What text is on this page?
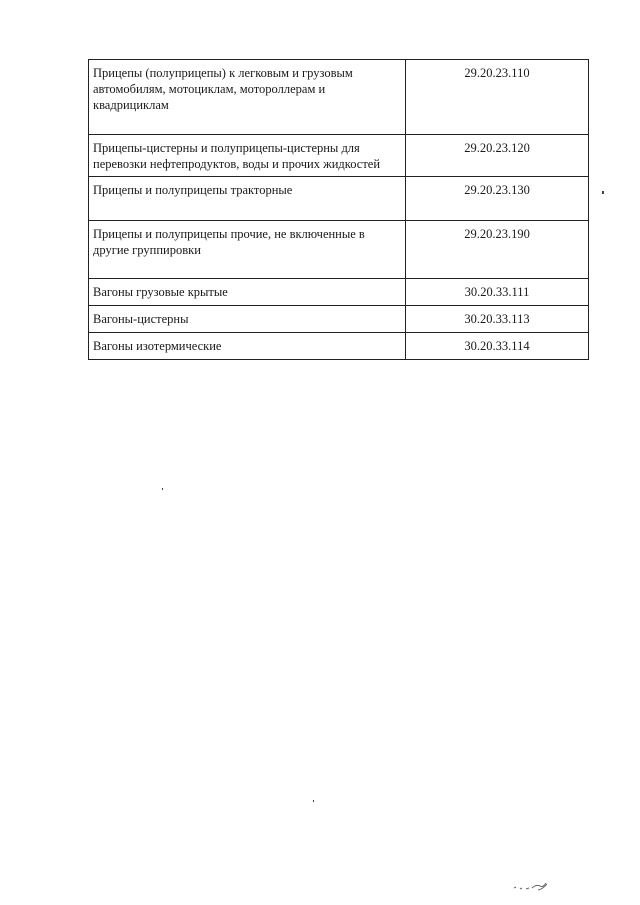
Прицепы (полуприцепы) к легковым и грузовым автомобилям, мотоциклам, мотороллерам и квадрициклам	29.20.23.110
Прицепы-цистерны и полуприцепы-цистерны для перевозки нефтепродуктов, воды и прочих жидкостей	29.20.23.120
Прицепы и полуприцепы тракторные	29.20.23.130
Прицепы и полуприцепы прочие, не включенные в другие группировки	29.20.23.190
Вагоны грузовые крытые	30.20.33.111
Вагоны-цистерны	30.20.33.113
Вагоны изотермические	30.20.33.114
